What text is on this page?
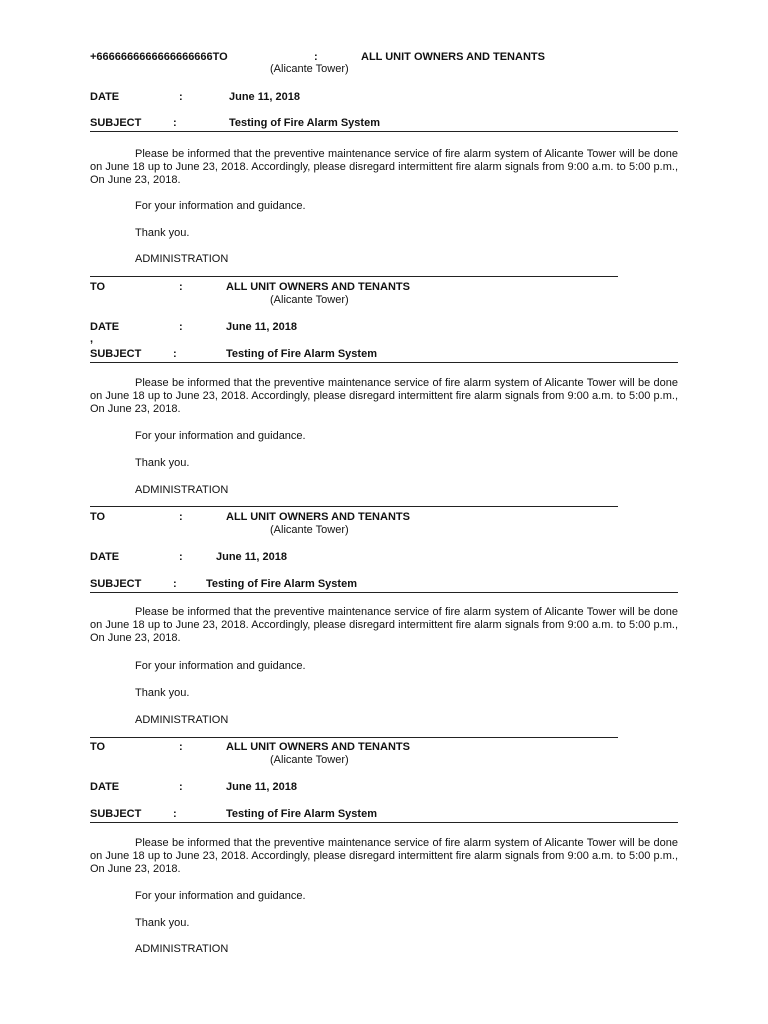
+6666666666666666666TO	:	ALL UNIT OWNERS AND TENANTS
(Alicante Tower)
DATE	:	June 11, 2018
SUBJECT	:	Testing of Fire Alarm System
Please be informed that the preventive maintenance service of fire alarm system of Alicante Tower will be done on June 18 up to June 23, 2018. Accordingly, please disregard intermittent fire alarm signals from 9:00 a.m. to 5:00 p.m., On June 23, 2018.
For your information and guidance.
Thank you.
ADMINISTRATION
TO	:	ALL UNIT OWNERS AND TENANTS
(Alicante Tower)
DATE	:	June 11, 2018
,
SUBJECT	:	Testing of Fire Alarm System
Please be informed that the preventive maintenance service of fire alarm system of Alicante Tower will be done on June 18 up to June 23, 2018. Accordingly, please disregard intermittent fire alarm signals from 9:00 a.m. to 5:00 p.m., On June 23, 2018.
For your information and guidance.
Thank you.
ADMINISTRATION
TO	:	ALL UNIT OWNERS AND TENANTS
(Alicante Tower)
DATE	:	June 11, 2018
SUBJECT	:	Testing of Fire Alarm System
Please be informed that the preventive maintenance service of fire alarm system of Alicante Tower will be done on June 18 up to June 23, 2018. Accordingly, please disregard intermittent fire alarm signals from 9:00 a.m. to 5:00 p.m., On June 23, 2018.
For your information and guidance.
Thank you.
ADMINISTRATION
TO	:	ALL UNIT OWNERS AND TENANTS
(Alicante Tower)
DATE	:	June 11, 2018
SUBJECT	:	Testing of Fire Alarm System
Please be informed that the preventive maintenance service of fire alarm system of Alicante Tower will be done on June 18 up to June 23, 2018. Accordingly, please disregard intermittent fire alarm signals from 9:00 a.m. to 5:00 p.m., On June 23, 2018.
For your information and guidance.
Thank you.
ADMINISTRATION
